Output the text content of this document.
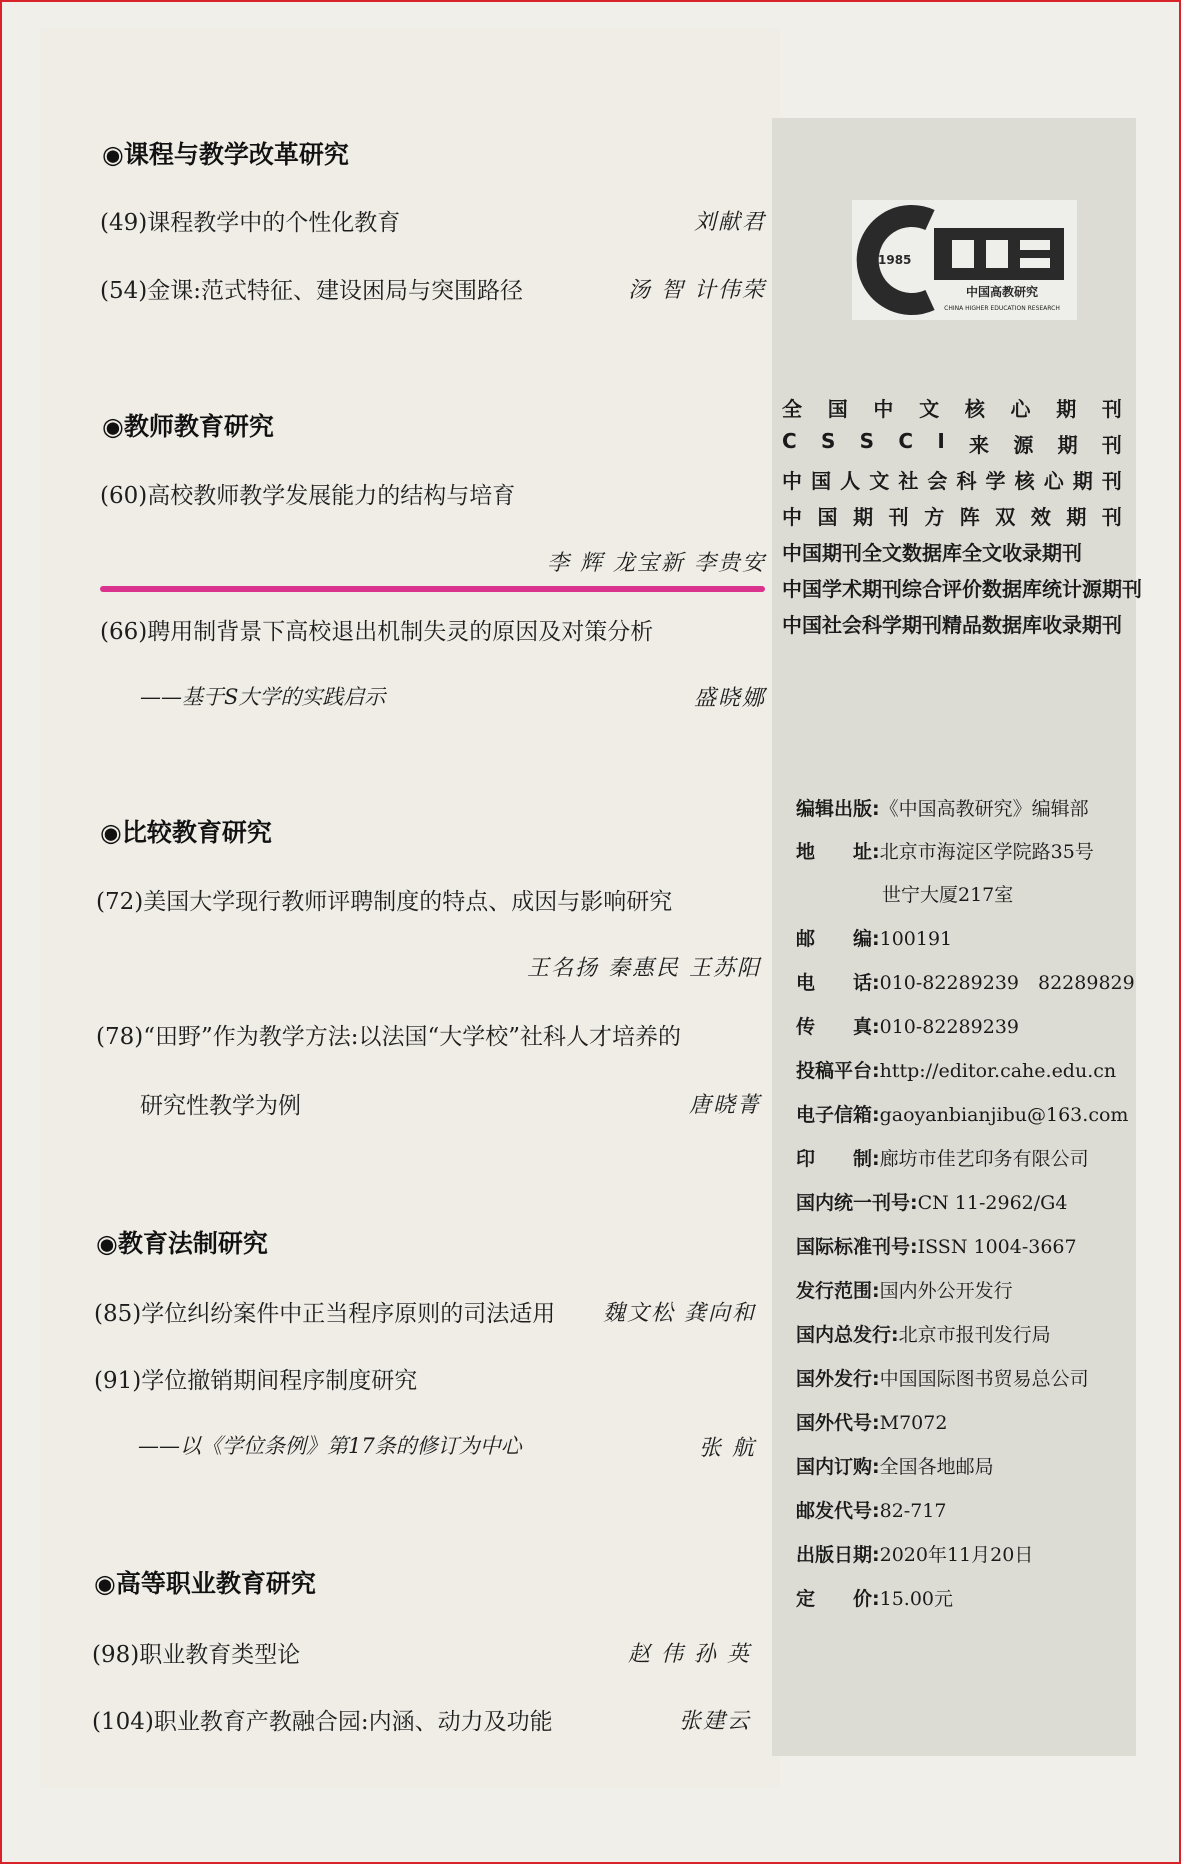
◉课程与教学改革研究
(49)课程教学中的个性化教育	刘献君
(54)金课:范式特征、建设困局与突围路径	汤 智 计伟荣
◉教师教育研究
(60)高校教师教学发展能力的结构与培育
李 辉 龙宝新 李贵安
(66)聘用制背景下高校退出机制失灵的原因及对策分析
——基于S大学的实践启示	盛晓娜
◉比较教育研究
(72)美国大学现行教师评聘制度的特点、成因与影响研究
王名扬 秦惠民 王苏阳
(78)“田野”作为教学方法:以法国“大学校”社科人才培养的
研究性教学为例	唐晓菁
◉教育法制研究
(85)学位纠纷案件中正当程序原则的司法适用 魏文松 龚向和
(91)学位撤销期间程序制度研究
——以《学位条例》第17条的修订为中心	张 航
◉高等职业教育研究
(98)职业教育类型论	赵 伟 孙 英
(104)职业教育产教融合园:内涵、动力及功能	张建云
1985
中国高教研究
CHINA HIGHER EDUCATION RESEARCH
全 国 中 文 核 心 期 刊
C S S C I 来 源 期 刊
中 国 人 文 社 会 科 学 核 心 期 刊
中 国 期 刊 方 阵 双 效 期 刊
中国期刊全文数据库全文收录期刊
中国学术期刊综合评价数据库统计源期刊
中国社会科学期刊精品数据库收录期刊
编辑出版:《中国高教研究》编辑部
地　　址:北京市海淀区学院路35号
世宁大厦217室
邮　　编:100191
电　　话:010-82289239　82289829
传　　真:010-82289239
投稿平台:http://editor.cahe.edu.cn
电子信箱:gaoyanbianjibu@163.com
印　　制:廊坊市佳艺印务有限公司
国内统一刊号:CN 11-2962/G4
国际标准刊号:ISSN 1004-3667
发行范围:国内外公开发行
国内总发行:北京市报刊发行局
国外发行:中国国际图书贸易总公司
国外代号:M7072
国内订购:全国各地邮局
邮发代号:82-717
出版日期:2020年11月20日
定　　价:15.00元
